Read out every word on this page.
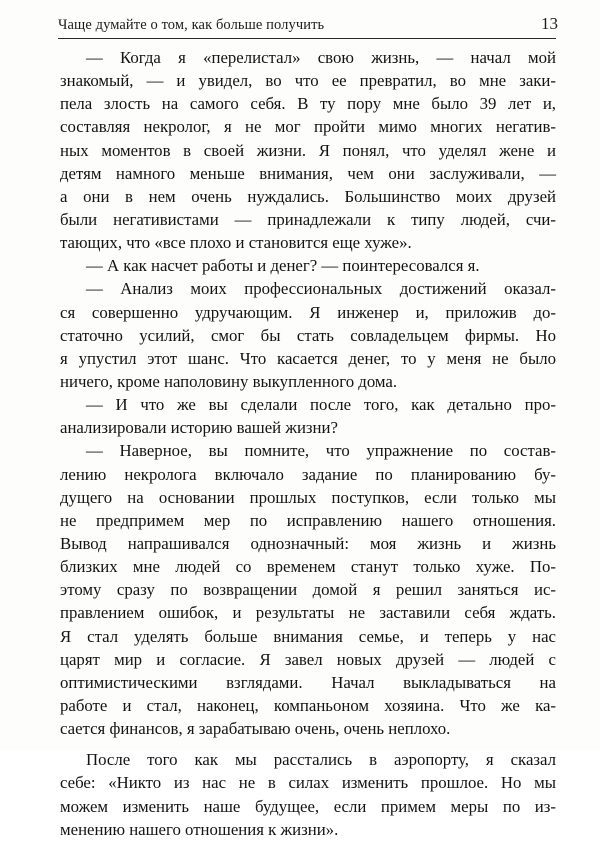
Чаще думайте о том, как больше получить	13
— Когда я «перелистал» свою жизнь, — начал мой
знакомый, — и увидел, во что ее превратил, во мне заки-
пела злость на самого себя. В ту пору мне было 39 лет и,
составляя некролог, я не мог пройти мимо многих негатив-
ных моментов в своей жизни. Я понял, что уделял жене и
детям намного меньше внимания, чем они заслуживали, —
а они в нем очень нуждались. Большинство моих друзей
были негативистами — принадлежали к типу людей, счи-
тающих, что «все плохо и становится еще хуже».
— А как насчет работы и денег? — поинтересовался я.
— Анализ моих профессиональных достижений оказал-
ся совершенно удручающим. Я инженер и, приложив до-
статочно усилий, смог бы стать совладельцем фирмы. Но
я упустил этот шанс. Что касается денег, то у меня не было
ничего, кроме наполовину выкупленного дома.
— И что же вы сделали после того, как детально про-
анализировали историю вашей жизни?
— Наверное, вы помните, что упражнение по состав-
лению некролога включало задание по планированию бу-
дущего на основании прошлых поступков, если только мы
не предпримем мер по исправлению нашего отношения.
Вывод напрашивался однозначный: моя жизнь и жизнь
близких мне людей со временем станут только хуже. По-
этому сразу по возвращении домой я решил заняться ис-
правлением ошибок, и результаты не заставили себя ждать.
Я стал уделять больше внимания семье, и теперь у нас
царят мир и согласие. Я завел новых друзей — людей с
оптимистическими взглядами. Начал выкладываться на
работе и стал, наконец, компаньоном хозяина. Что же ка-
сается финансов, я зарабатываю очень, очень неплохо.
После того как мы расстались в аэропорту, я сказал
себе: «Никто из нас не в силах изменить прошлое. Но мы
можем изменить наше будущее, если примем меры по из-
менению нашего отношения к жизни».
